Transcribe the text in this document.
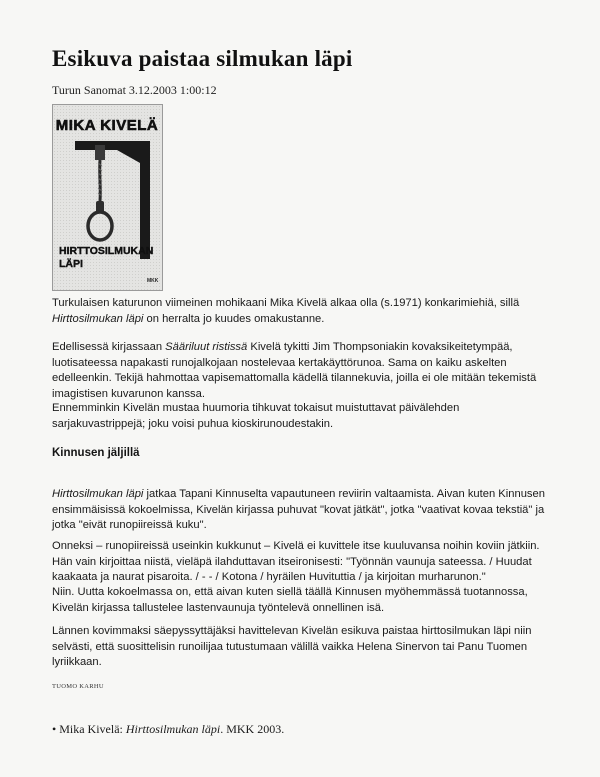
Esikuva paistaa silmukan läpi
Turun Sanomat 3.12.2003 1:00:12
MIKA KIVELÄ
HIRTTOSILMUKAN
LÄPI
MKK

Turkulaisen katurunon viimeinen mohikaani Mika Kivelä alkaa olla (s.1971) konkarimiehiä, sillä Hirttosilmukan läpi on herralta jo kuudes omakustanne.

Edellisessä kirjassaan Sääriluut ristissä Kivelä tykitti Jim Thompsoniakin kovaksikeitetympää, luotisateessa napakasti runojalkojaan nostelevaa kertakäyttörunoa. Sama on kaiku askelten edelleenkin. Tekijä hahmottaa vapisemattomalla kädellä tilannekuvia, joilla ei ole mitään tekemistä imagistisen kuvarunon kanssa.

Ennemminkin Kivelän mustaa huumoria tihkuvat tokaisut muistuttavat päivälehden sarjakuvastrippejä; joku voisi puhua kioskirunoudestakin.

Kinnusen jäljillä

Hirttosilmukan läpi jatkaa Tapani Kinnuselta vapautuneen reviirin valtaamista. Aivan kuten Kinnusen ensimmäisissä kokoelmissa, Kivelän kirjassa puhuvat "kovat jätkät", jotka "vaativat kovaa tekstiä" ja jotka "eivät runopiireissä kuku".

Onneksi – runopiireissä useinkin kukkunut – Kivelä ei kuvittele itse kuuluvansa noihin koviin jätkiin. Hän vain kirjoittaa niistä, vieläpä ilahduttavan itseironisesti: "Työnnän vaunuja sateessa. / Huudat kaakaata ja naurat pisaroita. / - - / Kotona / hyräilen Huvituttia / ja kirjoitan murharunon."

Niin. Uutta kokoelmassa on, että aivan kuten siellä täällä Kinnusen myöhemmässä tuotannossa, Kivelän kirjassa tallustelee lastenvaunuja työntelevä onnellinen isä.

Lännen kovimmaksi säepyssyttäjäksi havittelevan Kivelän esikuva paistaa hirttosilmukan läpi niin selvästi, että suosittelisin runoilijaa tutustumaan välillä vaikka Helena Sinervon tai Panu Tuomen lyriikkaan.

TUOMO KARHU
• Mika Kivelä: Hirttosilmukan läpi. MKK 2003.
